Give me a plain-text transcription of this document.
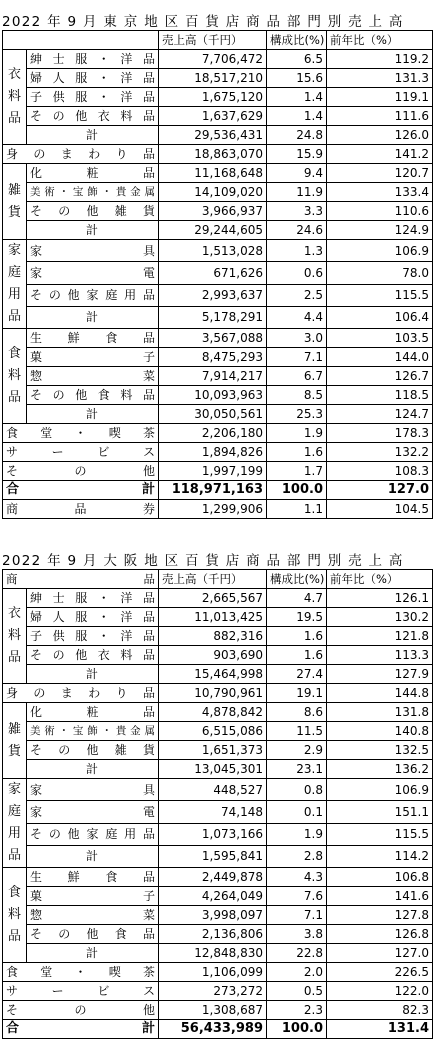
2022 年 9 月 東 京 地 区 百 貨 店 商 品 部 門 別 売 上 高
		売上高（千円）	構成比(%)	前年比（%）
衣料品	紳士服・洋品	7,706,472	6.5	119.2
	婦人服・洋品	18,517,210	15.6	131.3
	子供服・洋品	1,675,120	1.4	119.1
	その他衣料品	1,637,629	1.4	111.6
	計	29,536,431	24.8	126.0
身のまわり品		18,863,070	15.9	141.2
雑貨	化粧品	11,168,648	9.4	120.7
	美術・宝飾・貴金属	14,109,020	11.9	133.4
	その他雑貨	3,966,937	3.3	110.6
	計	29,244,605	24.6	124.9
家庭用品	家具	1,513,028	1.3	106.9
	家電	671,626	0.6	78.0
	その他家庭用品	2,993,637	2.5	115.5
	計	5,178,291	4.4	106.4
食料品	生鮮食品	3,567,088	3.0	103.5
	菓子	8,475,293	7.1	144.0
	惣菜	7,914,217	6.7	126.7
	その他食料品	10,093,963	8.5	118.5
	計	30,050,561	25.3	124.7
食堂・喫茶		2,206,180	1.9	178.3
サービス		1,894,826	1.6	132.2
その他		1,997,199	1.7	108.3
合計		118,971,163	100.0	127.0
商品券		1,299,906	1.1	104.5
2022 年 9 月 大 阪 地 区 百 貨 店 商 品 部 門 別 売 上 高
商品		売上高（千円）	構成比(%)	前年比（%）
衣料品	紳士服・洋品	2,665,567	4.7	126.1
	婦人服・洋品	11,013,425	19.5	130.2
	子供服・洋品	882,316	1.6	121.8
	その他衣料品	903,690	1.6	113.3
	計	15,464,998	27.4	127.9
身のまわり品		10,790,961	19.1	144.8
雑貨	化粧品	4,878,842	8.6	131.8
	美術・宝飾・貴金属	6,515,086	11.5	140.8
	その他雑貨	1,651,373	2.9	132.5
	計	13,045,301	23.1	136.2
家庭用品	家具	448,527	0.8	106.9
	家電	74,148	0.1	151.1
	その他家庭用品	1,073,166	1.9	115.5
	計	1,595,841	2.8	114.2
食料品	生鮮食品	2,449,878	4.3	106.8
	菓子	4,264,049	7.6	141.6
	惣菜	3,998,097	7.1	127.8
	その他食品	2,136,806	3.8	126.8
	計	12,848,830	22.8	127.0
食堂・喫茶		1,106,099	2.0	226.5
サービス		273,272	0.5	122.0
その他		1,308,687	2.3	82.3
合計		56,433,989	100.0	131.4
